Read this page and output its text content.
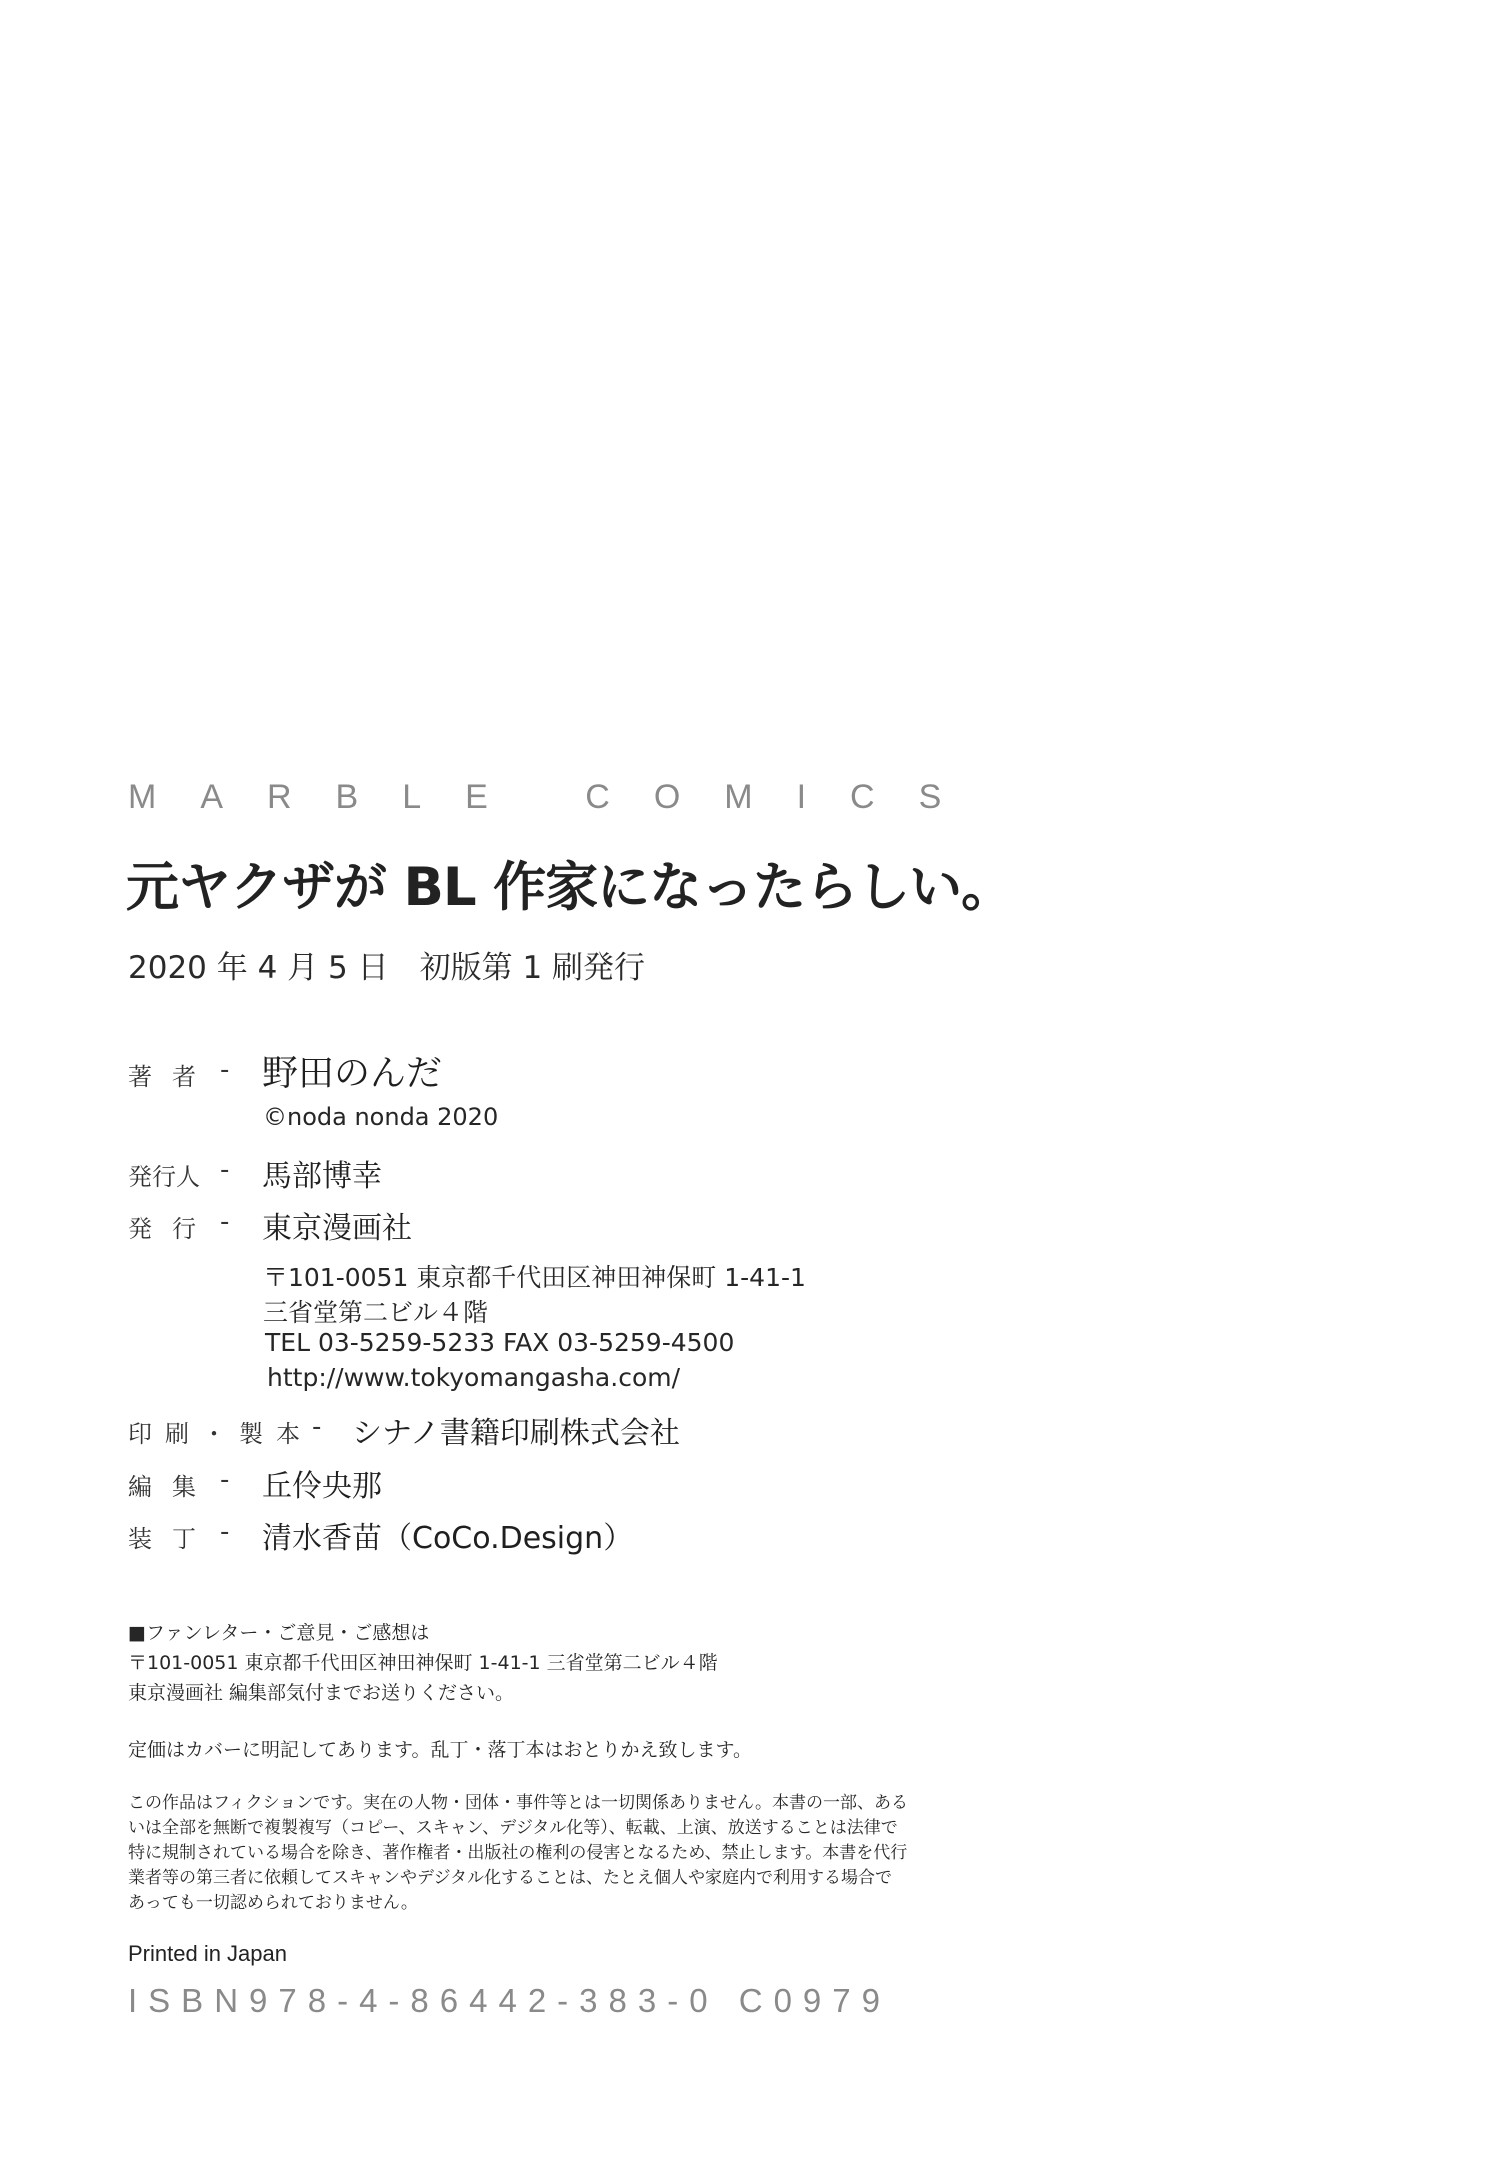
MARBLE COMICS
元ヤクザが BL 作家になったらしい。
2020 年 4 月 5 日　初版第 1 刷発行
著者 - 野田のんだ
©noda nonda 2020
発行人 - 馬部博幸
発行 - 東京漫画社
〒101-0051 東京都千代田区神田神保町 1-41-1
三省堂第二ビル４階
TEL 03-5259-5233 FAX 03-5259-4500
http://www.tokyomangasha.com/
印刷・製本 - シナノ書籍印刷株式会社
編集 - 丘伶央那
装丁 - 清水香苗（CoCo.Design）
■ファンレター・ご意見・ご感想は
〒101-0051 東京都千代田区神田神保町 1-41-1 三省堂第二ビル４階
東京漫画社 編集部気付までお送りください。
定価はカバーに明記してあります。乱丁・落丁本はおとりかえ致します。
この作品はフィクションです。実在の人物・団体・事件等とは一切関係ありません。本書の一部、あるいは全部を無断で複製複写（コピー、スキャン、デジタル化等）、転載、上演、放送することは法律で特に規制されている場合を除き、著作権者・出版社の権利の侵害となるため、禁止します。本書を代行業者等の第三者に依頼してスキャンやデジタル化することは、たとえ個人や家庭内で利用する場合であっても一切認められておりません。
Printed in Japan
ISBN978-4-86442-383-0 C0979
